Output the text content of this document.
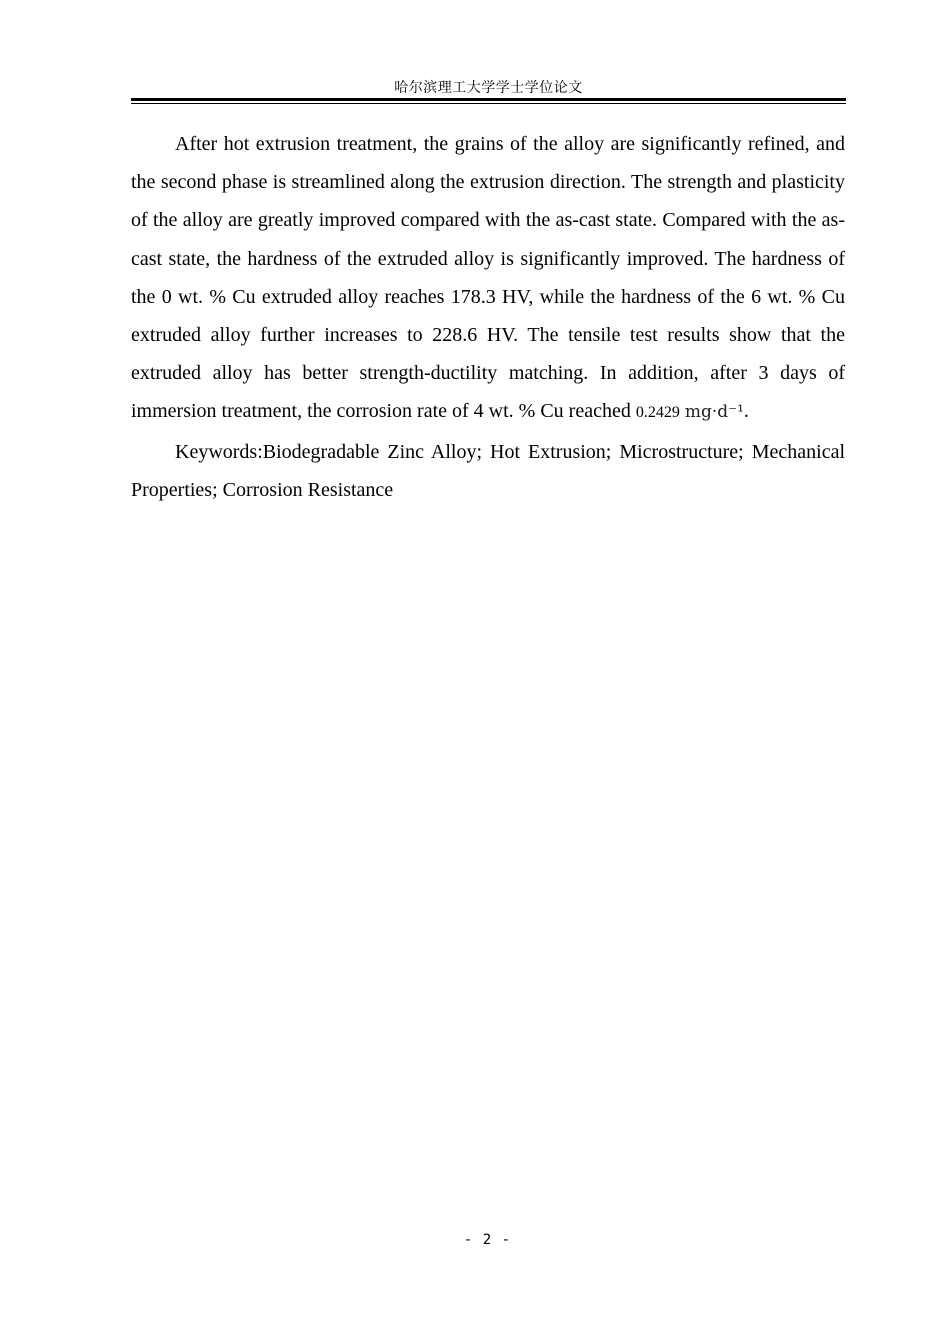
哈尔滨理工大学学士学位论文

After hot extrusion treatment, the grains of the alloy are significantly refined, and the second phase is streamlined along the extrusion direction. The strength and plasticity of the alloy are greatly improved compared with the as-cast state. Compared with the as-cast state, the hardness of the extruded alloy is significantly improved. The hardness of the 0 wt. % Cu extruded alloy reaches 178.3 HV, while the hardness of the 6 wt. % Cu extruded alloy further increases to 228.6 HV. The tensile test results show that the extruded alloy has better strength-ductility matching. In addition, after 3 days of immersion treatment, the corrosion rate of 4 wt. % Cu reached 0.2429 mg·d⁻¹.

Keywords:Biodegradable Zinc Alloy; Hot Extrusion; Microstructure; Mechanical Properties; Corrosion Resistance

- 2 -
